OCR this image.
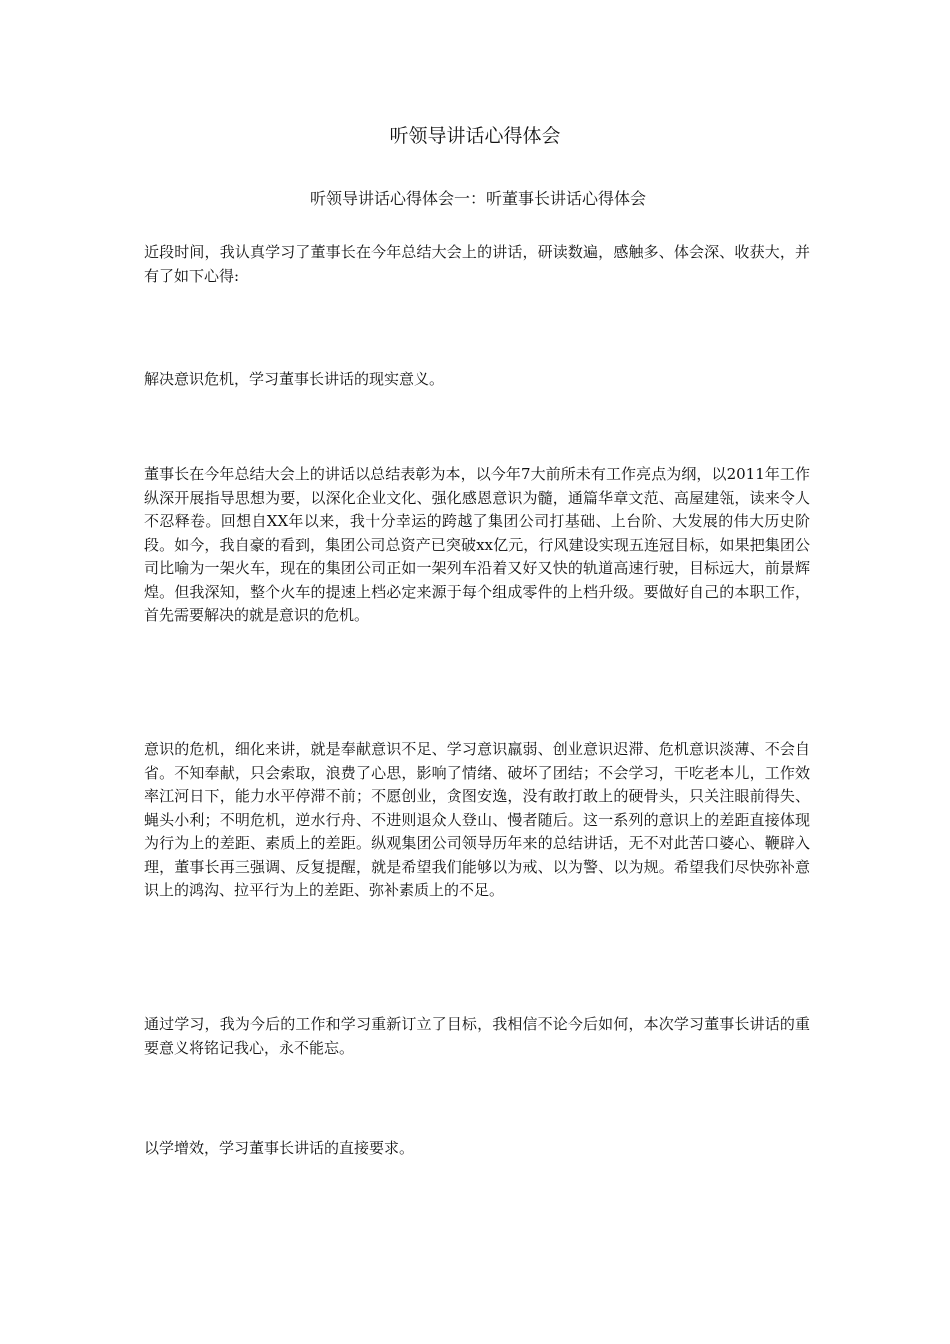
听领导讲话心得体会
听领导讲话心得体会一：听董事长讲话心得体会

近段时间，我认真学习了董事长在今年总结大会上的讲话，研读数遍，感触多、体会深、收获大，并有了如下心得:

解决意识危机，学习董事长讲话的现实意义。

董事长在今年总结大会上的讲话以总结表彰为本，以今年7大前所未有工作亮点为纲，以2011年工作纵深开展指导思想为要，以深化企业文化、强化感恩意识为髓，通篇华章文范、高屋建瓴，读来令人不忍释卷。回想自XX年以来，我十分幸运的跨越了集团公司打基础、上台阶、大发展的伟大历史阶段。如今，我自豪的看到，集团公司总资产已突破xx亿元，行风建设实现五连冠目标，如果把集团公司比喻为一架火车，现在的集团公司正如一架列车沿着又好又快的轨道高速行驶，目标远大，前景辉煌。但我深知，整个火车的提速上档必定来源于每个组成零件的上档升级。要做好自己的本职工作，首先需要解决的就是意识的危机。

意识的危机，细化来讲，就是奉献意识不足、学习意识羸弱、创业意识迟滞、危机意识淡薄、不会自省。不知奉献，只会索取，浪费了心思，影响了情绪、破坏了团结；不会学习，干吃老本儿，工作效率江河日下，能力水平停滞不前；不愿创业，贪图安逸，没有敢打敢上的硬骨头，只关注眼前得失、蝇头小利；不明危机，逆水行舟、不进则退众人登山、慢者随后。这一系列的意识上的差距直接体现为行为上的差距、素质上的差距。纵观集团公司领导历年来的总结讲话，无不对此苦口婆心、鞭辟入理，董事长再三强调、反复提醒，就是希望我们能够以为戒、以为警、以为规。希望我们尽快弥补意识上的鸿沟、拉平行为上的差距、弥补素质上的不足。

通过学习，我为今后的工作和学习重新订立了目标，我相信不论今后如何，本次学习董事长讲话的重要意义将铭记我心，永不能忘。

以学增效，学习董事长讲话的直接要求。
